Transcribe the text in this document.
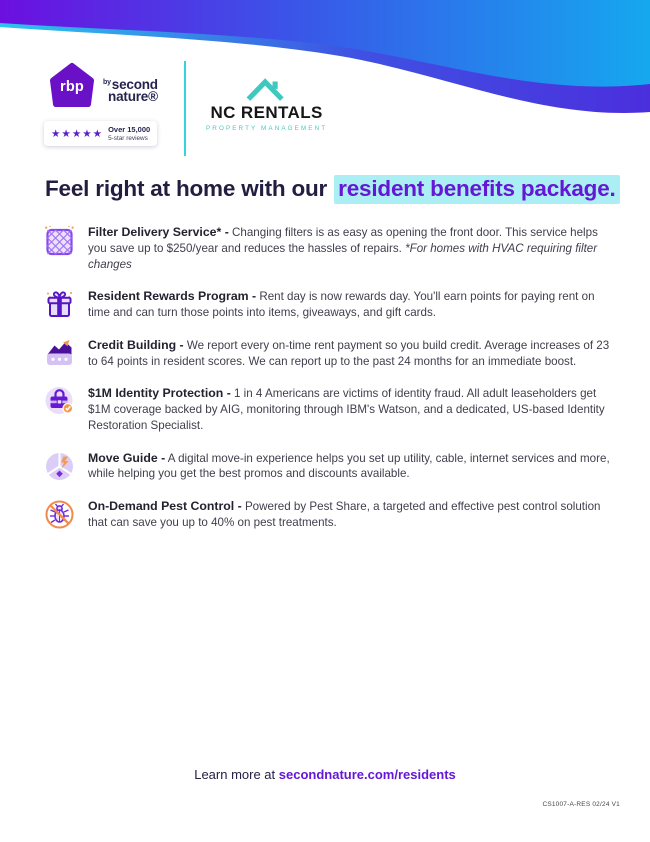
rbp	$^{by}$second
nature®
★★★★★ Over 15,000
5-star reviews
NC RENTALS
PROPERTY MANAGEMENT
Feel right at home with our resident benefits package.

Filter Delivery Service* - Changing filters is as easy as opening the front door. This service helps you save up to $250/year and reduces the hassles of repairs. *For homes with HVAC requiring filter changes

Resident Rewards Program - Rent day is now rewards day. You'll earn points for paying rent on time and can turn those points into items, giveaways, and gift cards.

Credit Building - We report every on-time rent payment so you build credit. Average increases of 23 to 64 points in resident scores. We can report up to the past 24 months for an immediate boost.

$1M Identity Protection - 1 in 4 Americans are victims of identity fraud. All adult leaseholders get $1M coverage backed by AIG, monitoring through IBM's Watson, and a dedicated, US-based Identity Restoration Specialist.

Move Guide - A digital move-in experience helps you set up utility, cable, internet services and more, while helping you get the best promos and discounts available.

On-Demand Pest Control - Powered by Pest Share, a targeted and effective pest control solution that can save you up to 40% on pest treatments.

Learn more at secondnature.com/residents
CS1007-A-RES 02/24 V1
